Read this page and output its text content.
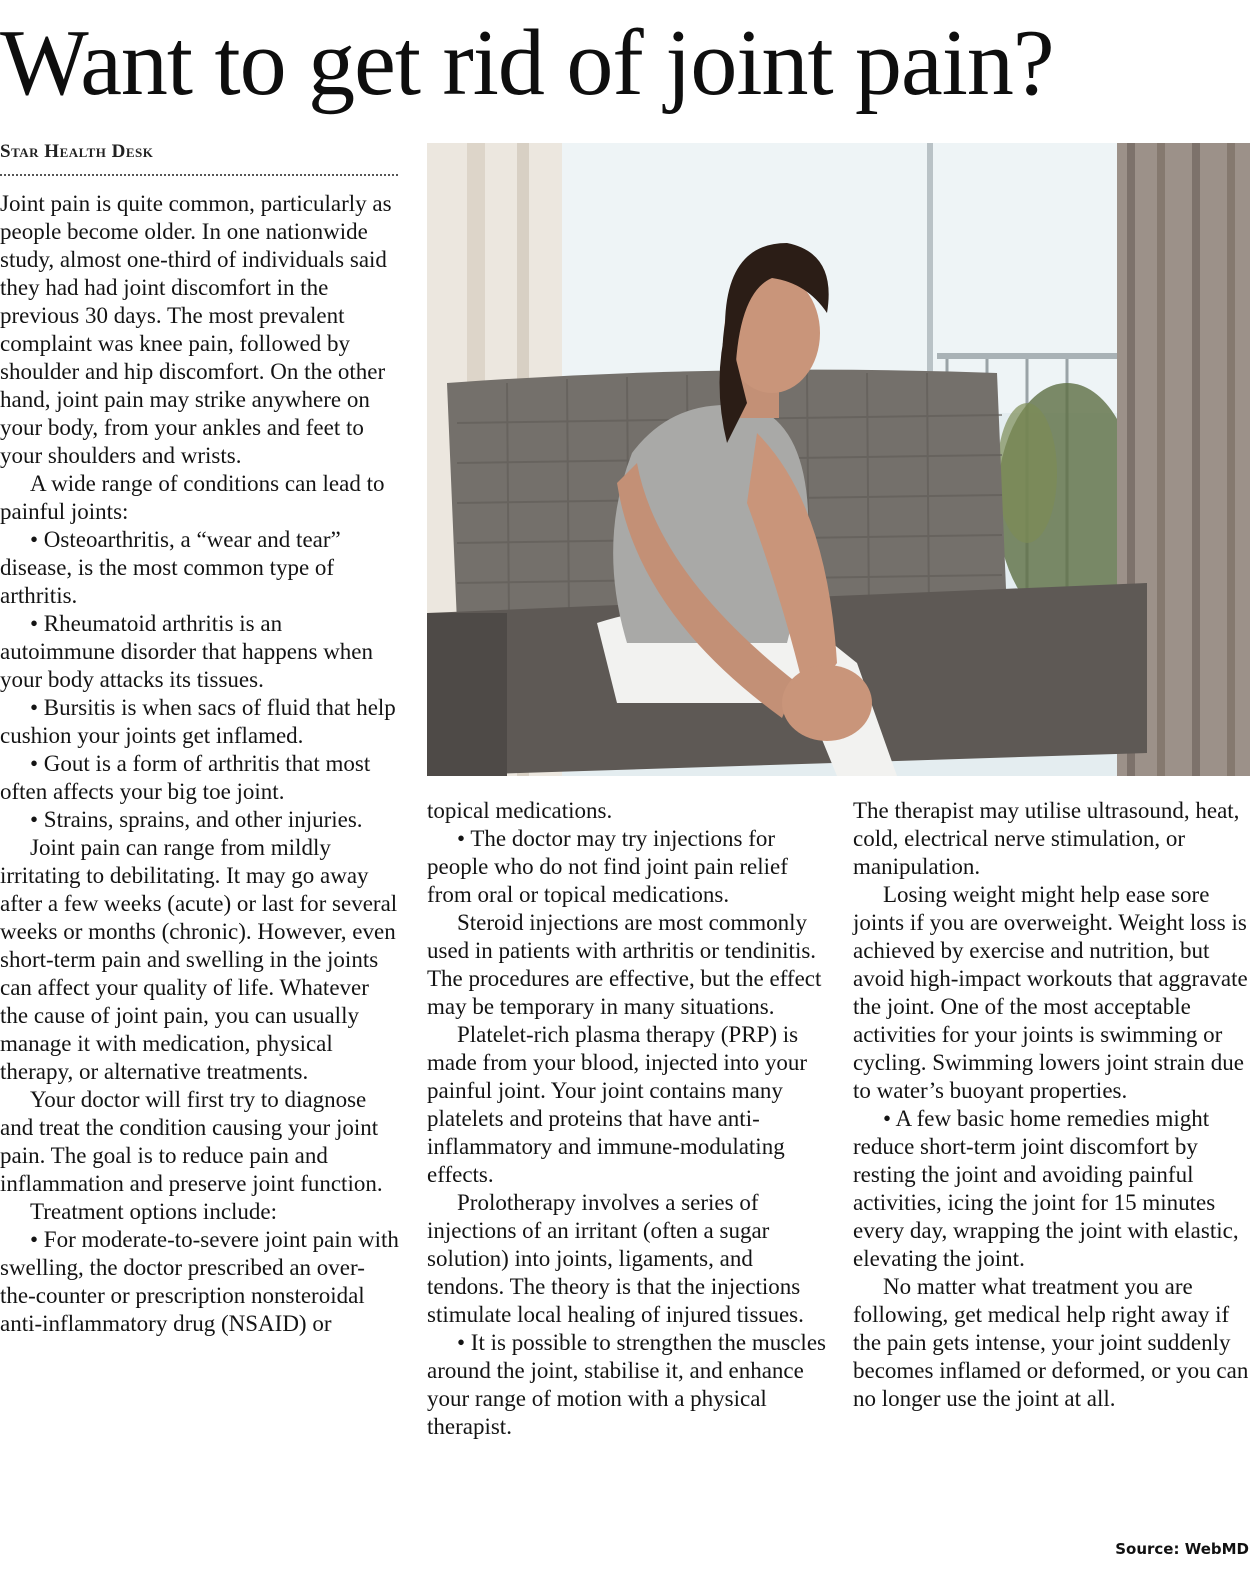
Want to get rid of joint pain?
Star Health Desk

Joint pain is quite common, particularly as people become older. In one nationwide study, almost one-third of individuals said they had had joint discomfort in the previous 30 days. The most prevalent complaint was knee pain, followed by shoulder and hip discomfort. On the other hand, joint pain may strike anywhere on your body, from your ankles and feet to your shoulders and wrists.

A wide range of conditions can lead to painful joints:

• Osteoarthritis, a “wear and tear” disease, is the most common type of arthritis.

• Rheumatoid arthritis is an autoimmune disorder that happens when your body attacks its tissues.

• Bursitis is when sacs of fluid that help cushion your joints get inflamed.

• Gout is a form of arthritis that most often affects your big toe joint.

• Strains, sprains, and other injuries.

Joint pain can range from mildly irritating to debilitating. It may go away after a few weeks (acute) or last for several weeks or months (chronic). However, even short-term pain and swelling in the joints can affect your quality of life. Whatever the cause of joint pain, you can usually manage it with medication, physical therapy, or alternative treatments.

Your doctor will first try to diagnose and treat the condition causing your joint pain. The goal is to reduce pain and inflammation and preserve joint function.

Treatment options include:

• For moderate-to-severe joint pain with swelling, the doctor prescribed an over-the-counter or prescription nonsteroidal anti-inflammatory drug (NSAID) or

topical medications.

• The doctor may try injections for people who do not find joint pain relief from oral or topical medications.

Steroid injections are most commonly used in patients with arthritis or tendinitis. The procedures are effective, but the effect may be temporary in many situations.

Platelet-rich plasma therapy (PRP) is made from your blood, injected into your painful joint. Your joint contains many platelets and proteins that have anti-inflammatory and immune-modulating effects.

Prolotherapy involves a series of injections of an irritant (often a sugar solution) into joints, ligaments, and tendons. The theory is that the injections stimulate local healing of injured tissues.

• It is possible to strengthen the muscles around the joint, stabilise it, and enhance your range of motion with a physical therapist.

The therapist may utilise ultrasound, heat, cold, electrical nerve stimulation, or manipulation.

Losing weight might help ease sore joints if you are overweight. Weight loss is achieved by exercise and nutrition, but avoid high-impact workouts that aggravate the joint. One of the most acceptable activities for your joints is swimming or cycling. Swimming lowers joint strain due to water’s buoyant properties.

• A few basic home remedies might reduce short-term joint discomfort by resting the joint and avoiding painful activities, icing the joint for 15 minutes every day, wrapping the joint with elastic, elevating the joint.

No matter what treatment you are following, get medical help right away if the pain gets intense, your joint suddenly becomes inflamed or deformed, or you can no longer use the joint at all.

Source: WebMD
